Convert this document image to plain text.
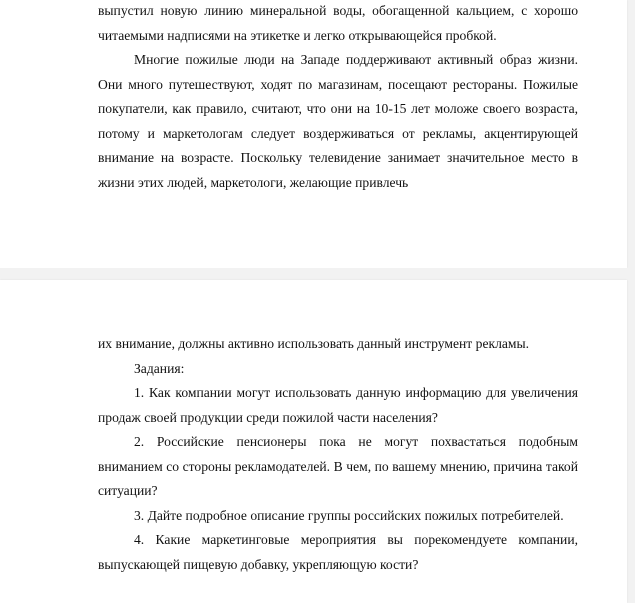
выпустил новую линию минеральной воды, обогащенной кальцием, с хорошо читаемыми надписями на этикетке и легко открывающейся пробкой.

Многие пожилые люди на Западе поддерживают активный образ жизни. Они много путешествуют, ходят по магазинам, посещают рестораны. Пожилые покупатели, как правило, считают, что они на 10-15 лет моложе своего возраста, потому и маркетологам следует воздерживаться от рекламы, акцентирующей внимание на возрасте. Поскольку телевидение занимает значительное место в жизни этих людей, маркетологи, желающие привлечь

их внимание, должны активно использовать данный инструмент рекламы.

Задания:

1. Как компании могут использовать данную информацию для увеличения продаж своей продукции среди пожилой части населения?

2. Российские пенсионеры пока не могут похвастаться подобным вниманием со стороны рекламодателей. В чем, по вашему мнению, причина такой ситуации?

3. Дайте подробное описание группы российских пожилых потребителей.

4. Какие маркетинговые мероприятия вы порекомендуете компании, выпускающей пищевую добавку, укрепляющую кости?
